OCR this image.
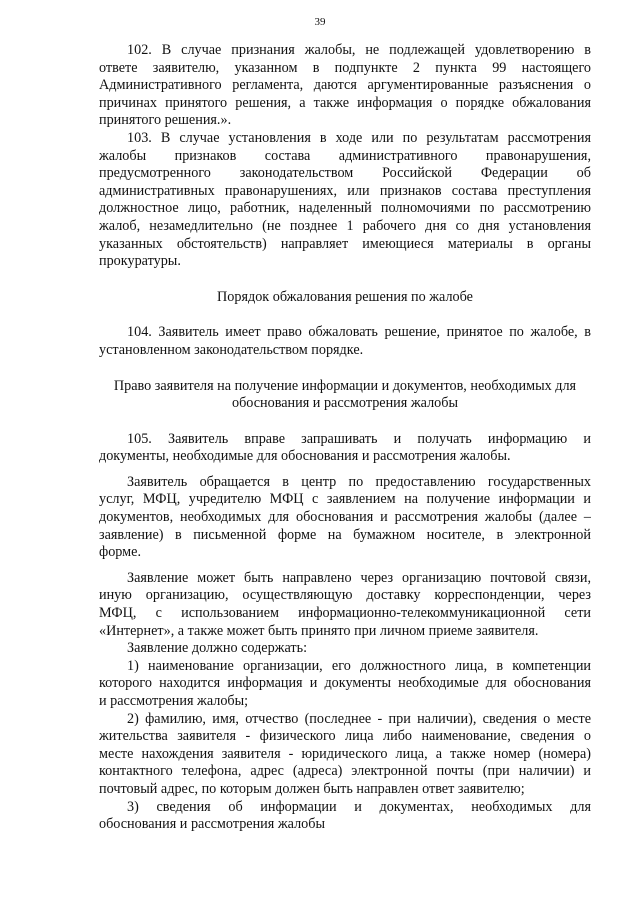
39
102. В случае признания жалобы, не подлежащей удовлетворению в
ответе заявителю, указанном в подпункте 2 пункта 99 настоящего
Административного регламента, даются аргументированные разъяснения о
причинах принятого решения, а также информация о порядке обжалования
принятого решения.».
103. В случае установления в ходе или по результатам рассмотрения
жалобы признаков состава административного правонарушения,
предусмотренного законодательством Российской Федерации об
административных правонарушениях, или признаков состава преступления
должностное лицо, работник, наделенный полномочиями по рассмотрению
жалоб, незамедлительно (не позднее 1 рабочего дня со дня установления
указанных обстоятельств) направляет имеющиеся материалы в органы
прокуратуры.
Порядок обжалования решения по жалобе
104. Заявитель имеет право обжаловать решение, принятое по жалобе, в
установленном законодательством порядке.
Право заявителя на получение информации и документов, необходимых для
обоснования и рассмотрения жалобы
105. Заявитель вправе запрашивать и получать информацию и
документы, необходимые для обоснования и рассмотрения жалобы.
Заявитель обращается в центр по предоставлению государственных
услуг, МФЦ, учредителю МФЦ с заявлением на получение информации и
документов, необходимых для обоснования и рассмотрения жалобы (далее –
заявление) в письменной форме на бумажном носителе, в электронной
форме.
Заявление может быть направлено через организацию почтовой связи,
иную организацию, осуществляющую доставку корреспонденции, через
МФЦ, с использованием информационно-телекоммуникационной сети
«Интернет», а также может быть принято при личном приеме заявителя.
Заявление должно содержать:
1) наименование организации, его должностного лица, в компетенции
которого находится информация и документы необходимые для обоснования
и рассмотрения жалобы;
2) фамилию, имя, отчество (последнее - при наличии), сведения о месте
жительства заявителя - физического лица либо наименование, сведения о
месте нахождения заявителя - юридического лица, а также номер (номера)
контактного телефона, адрес (адреса) электронной почты (при наличии) и
почтовый адрес, по которым должен быть направлен ответ заявителю;
3) сведения об информации и документах, необходимых для
обоснования и рассмотрения жалобы
